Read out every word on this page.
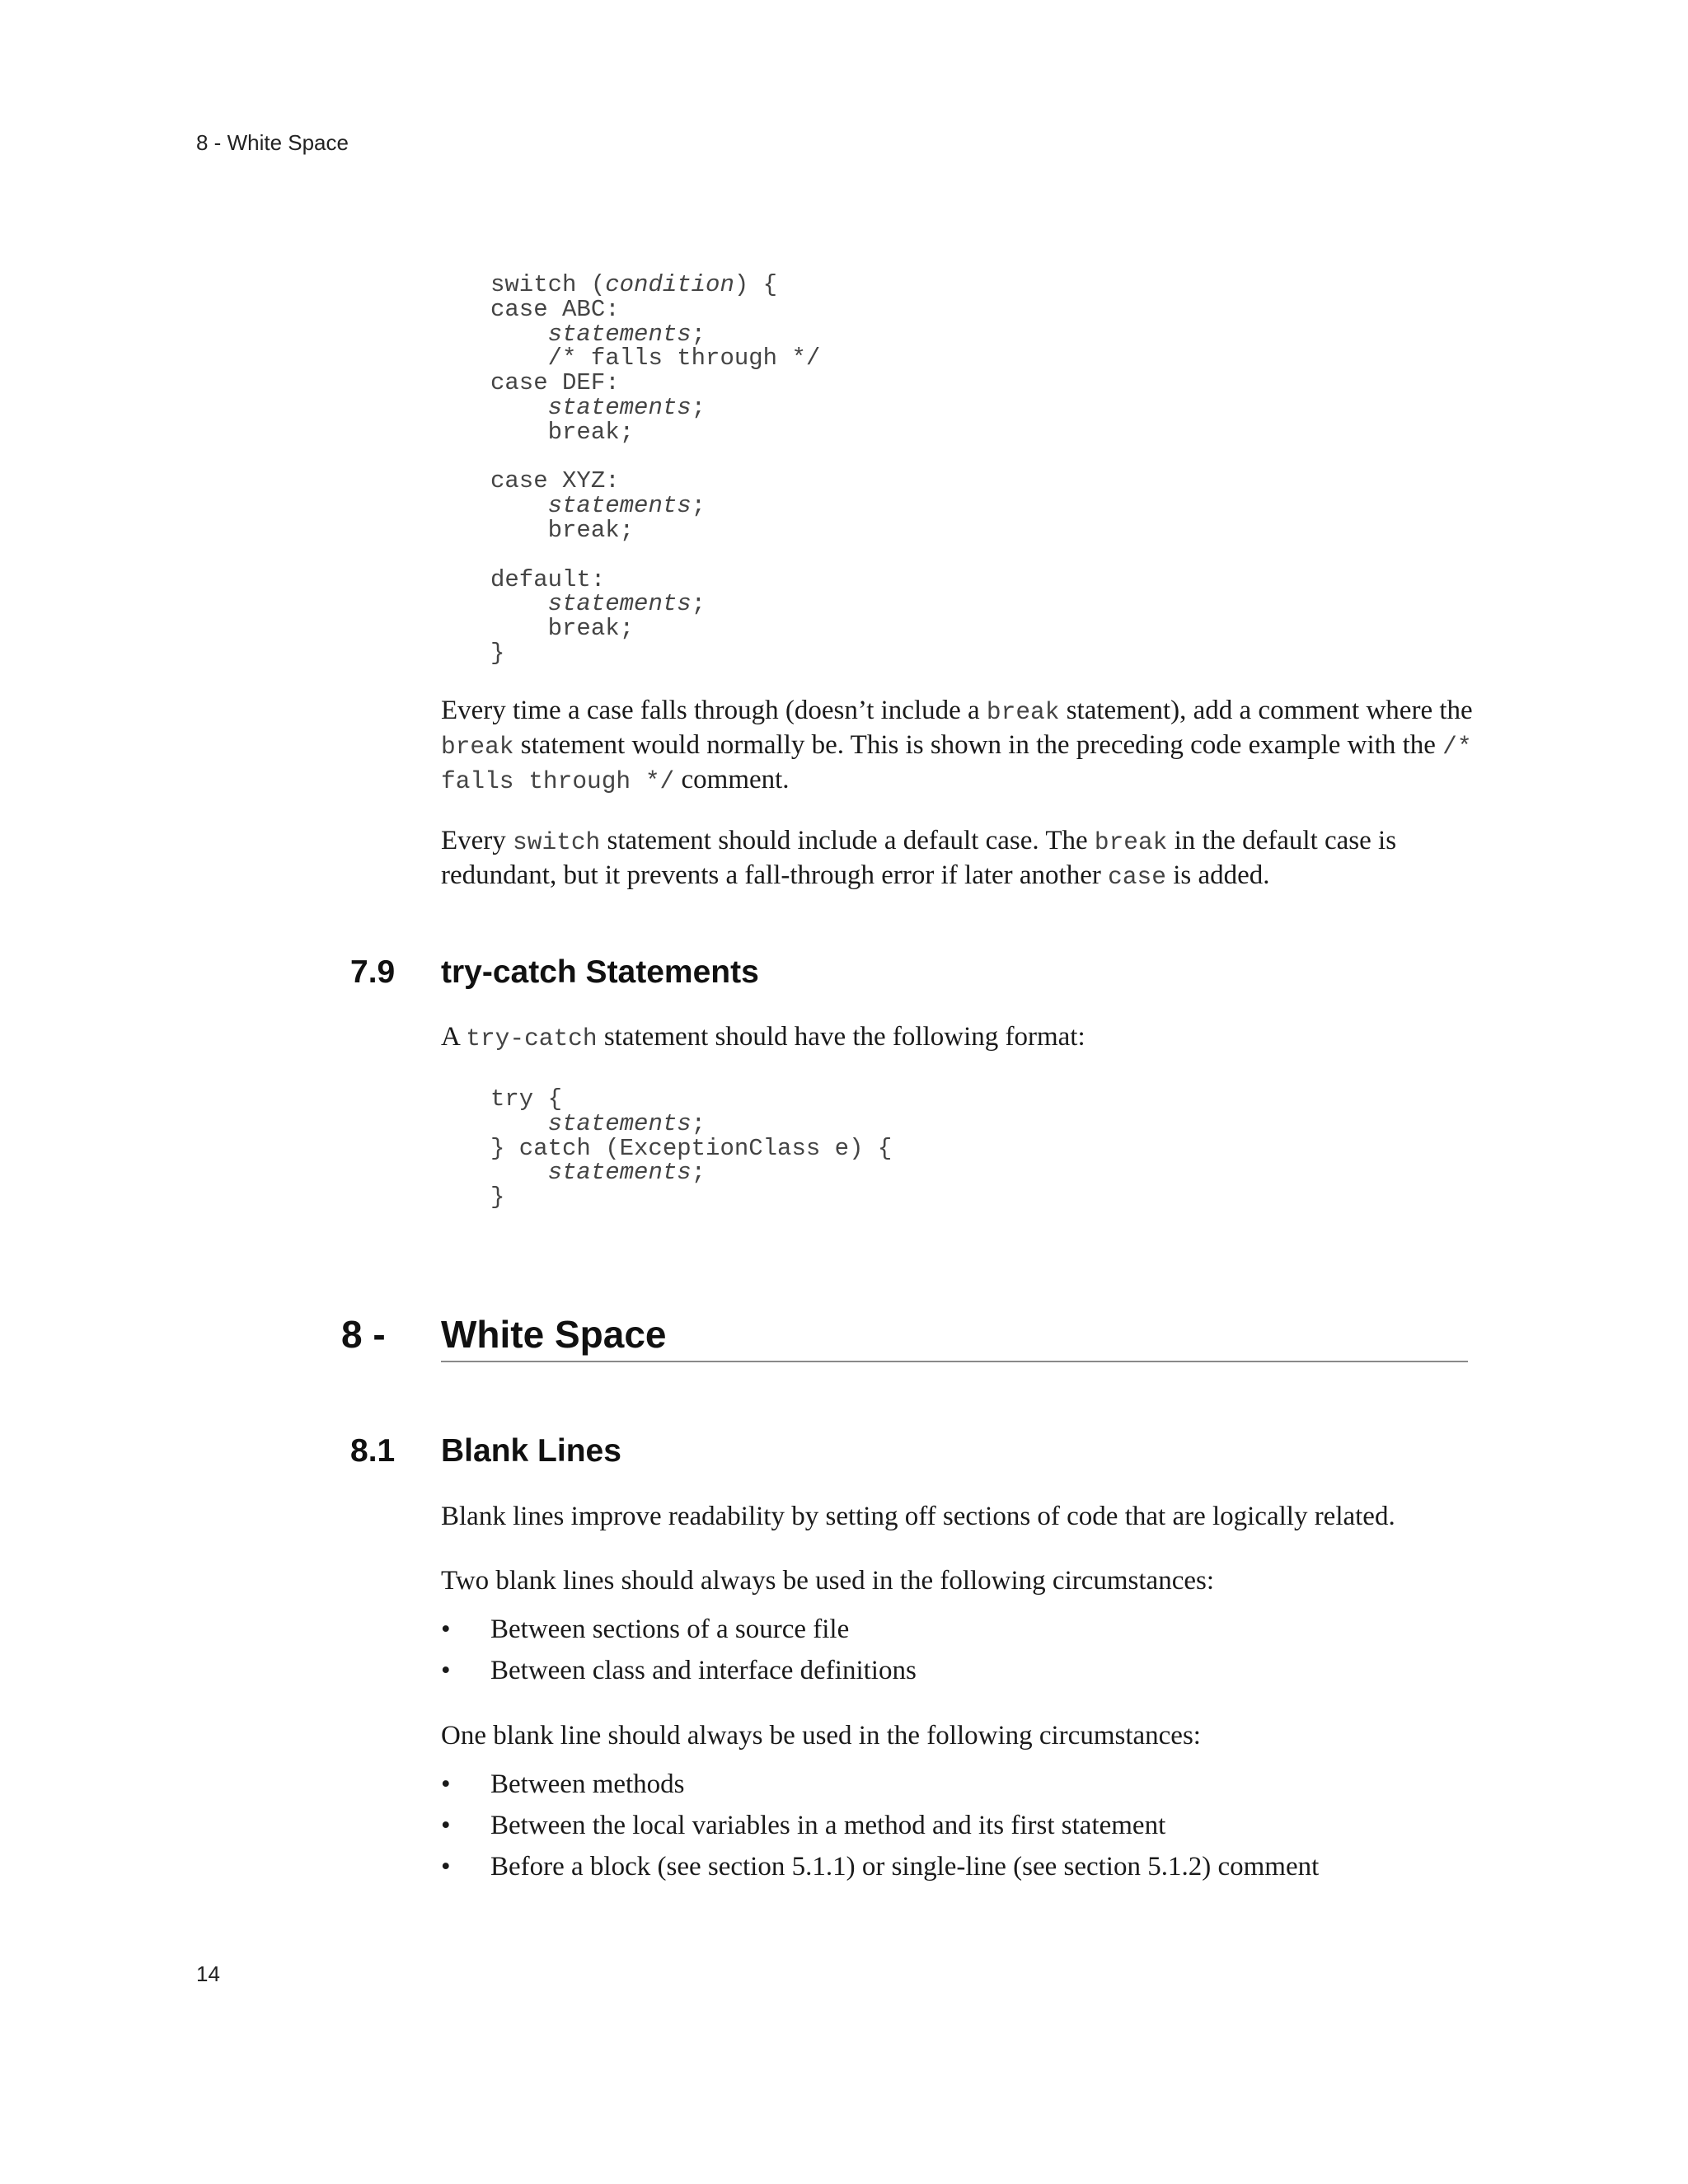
8 - White Space
switch (condition) {
case ABC:
statements;
/* falls through */
case DEF:
statements;
break;

case XYZ:
statements;
break;

default:
statements;
break;
}

Every time a case falls through (doesn’t include a break statement), add a comment where the break statement would normally be. This is shown in the preceding code example with the /* falls through */ comment.

Every switch statement should include a default case. The break in the default case is redundant, but it prevents a fall-through error if later another case is added.

7.9 try-catch Statements

A try-catch statement should have the following format:

try {
statements;
} catch (ExceptionClass e) {
statements;
}
8 - White Space
8.1 Blank Lines

Blank lines improve readability by setting off sections of code that are logically related.

Two blank lines should always be used in the following circumstances:

• Between sections of a source file
• Between class and interface definitions

One blank line should always be used in the following circumstances:

• Between methods
• Between the local variables in a method and its first statement
• Before a block (see section 5.1.1) or single-line (see section 5.1.2) comment
14
